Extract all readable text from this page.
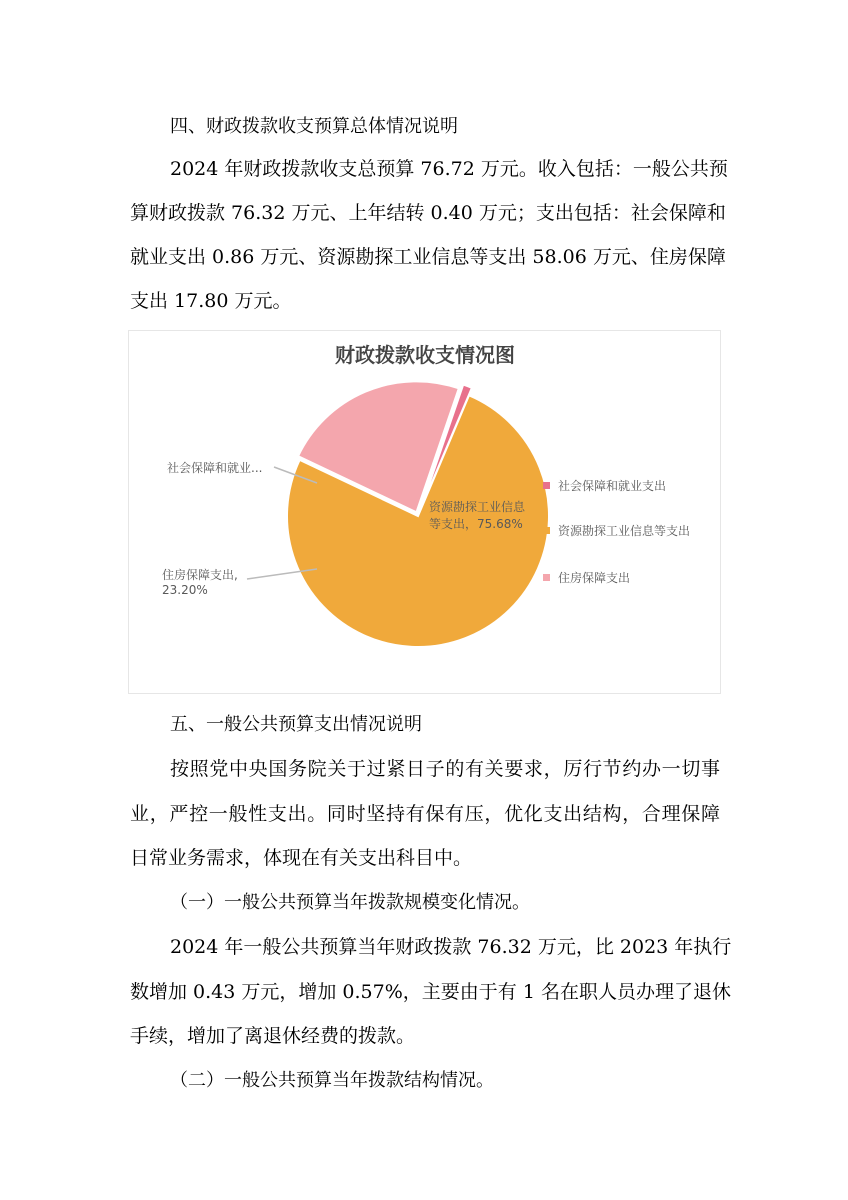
四、财政拨款收支预算总体情况说明
2024 年财政拨款收支总预算 76.72 万元。收入包括：一般公共预
算财政拨款 76.32 万元、上年结转 0.40 万元；支出包括：社会保障和
就业支出 0.86 万元、资源勘探工业信息等支出 58.06 万元、住房保障
支出 17.80 万元。
财政拨款收支情况图
社会保障和就业...
资源勘探工业信息
等支出，75.68%
住房保障支出,
23.20%
社会保障和就业支出
资源勘探工业信息等支出
住房保障支出
五、一般公共预算支出情况说明
按照党中央国务院关于过紧日子的有关要求，厉行节约办一切事
业，严控一般性支出。同时坚持有保有压，优化支出结构，合理保障
日常业务需求，体现在有关支出科目中。
（一）一般公共预算当年拨款规模变化情况。
2024 年一般公共预算当年财政拨款 76.32 万元，比 2023 年执行
数增加 0.43 万元，增加 0.57%，主要由于有 1 名在职人员办理了退休
手续，增加了离退休经费的拨款。
（二）一般公共预算当年拨款结构情况。
